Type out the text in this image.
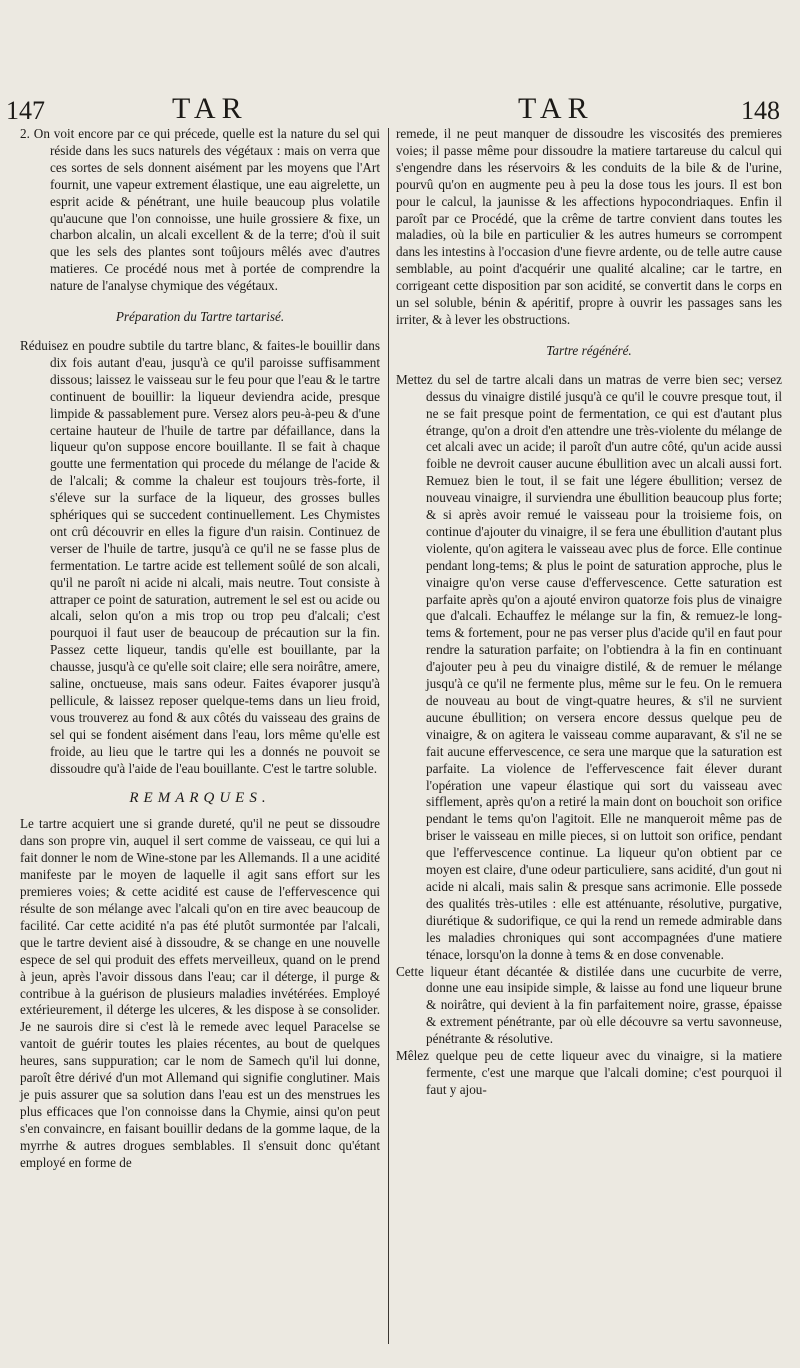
147	TAR	TAR	148

2. On voit encore par ce qui précede, quelle est la nature du sel qui réside dans les sucs naturels des végétaux : mais on verra que ces sortes de sels donnent aisément par les moyens que l'Art fournit, une vapeur extrement élastique, une eau aigrelette, un esprit acide & pénétrant, une huile beaucoup plus volatile qu'aucune que l'on connoisse, une huile grossiere & fixe, un charbon alcalin, un alcali excellent & de la terre; d'où il suit que les sels des plantes sont toûjours mêlés avec d'autres matieres. Ce procédé nous met à portée de comprendre la nature de l'analyse chymique des végétaux.

Préparation du Tartre tartarisé.

Réduisez en poudre subtile du tartre blanc, & faites-le bouillir dans dix fois autant d'eau, jusqu'à ce qu'il paroisse suffisamment dissous; laissez le vaisseau sur le feu pour que l'eau & le tartre continuent de bouillir: la liqueur deviendra acide, presque limpide & passablement pure. Versez alors peu-à-peu & d'une certaine hauteur de l'huile de tartre par défaillance, dans la liqueur qu'on suppose encore bouillante. Il se fait à chaque goutte une fermentation qui procede du mélange de l'acide & de l'alcali; & comme la chaleur est toujours très-forte, il s'éleve sur la surface de la liqueur, des grosses bulles sphériques qui se succedent continuellement. Les Chymistes ont crû découvrir en elles la figure d'un raisin. Continuez de verser de l'huile de tartre, jusqu'à ce qu'il ne se fasse plus de fermentation. Le tartre acide est tellement soûlé de son alcali, qu'il ne paroît ni acide ni alcali, mais neutre. Tout consiste à attraper ce point de saturation, autrement le sel est ou acide ou alcali, selon qu'on a mis trop ou trop peu d'alcali; c'est pourquoi il faut user de beaucoup de précaution sur la fin. Passez cette liqueur, tandis qu'elle est bouillante, par la chausse, jusqu'à ce qu'elle soit claire; elle sera noirâtre, amere, saline, onctueuse, mais sans odeur. Faites évaporer jusqu'à pellicule, & laissez reposer quelque-tems dans un lieu froid, vous trouverez au fond & aux côtés du vaisseau des grains de sel qui se fondent aisément dans l'eau, lors même qu'elle est froide, au lieu que le tartre qui les a donnés ne pouvoit se dissoudre qu'à l'aide de l'eau bouillante. C'est le tartre soluble.

REMARQUES.

Le tartre acquiert une si grande dureté, qu'il ne peut se dissoudre dans son propre vin, auquel il sert comme de vaisseau, ce qui lui a fait donner le nom de Wine-stone par les Allemands. Il a une acidité manifeste par le moyen de laquelle il agit sans effort sur les premieres voies; & cette acidité est cause de l'effervescence qui résulte de son mélange avec l'alcali qu'on en tire avec beaucoup de facilité. Car cette acidité n'a pas été plutôt surmontée par l'alcali, que le tartre devient aisé à dissoudre, & se change en une nouvelle espece de sel qui produit des effets merveilleux, quand on le prend à jeun, après l'avoir dissous dans l'eau; car il déterge, il purge & contribue à la guérison de plusieurs maladies invétérées. Employé extérieurement, il déterge les ulceres, & les dispose à se consolider. Je ne saurois dire si c'est là le remede avec lequel Paracelse se vantoit de guérir toutes les plaies récentes, au bout de quelques heures, sans suppuration; car le nom de Samech qu'il lui donne, paroît être dérivé d'un mot Allemand qui signifie conglutiner. Mais je puis assurer que sa solution dans l'eau est un des menstrues les plus efficaces que l'on connoisse dans la Chymie, ainsi qu'on peut s'en convaincre, en faisant bouillir dedans de la gomme laque, de la myrrhe & autres drogues semblables. Il s'ensuit donc qu'étant employé en forme de

remede, il ne peut manquer de dissoudre les viscosités des premieres voies; il passe même pour dissoudre la matiere tartareuse du calcul qui s'engendre dans les réservoirs & les conduits de la bile & de l'urine, pourvû qu'on en augmente peu à peu la dose tous les jours. Il est bon pour le calcul, la jaunisse & les affections hypocondriaques. Enfin il paroît par ce Procédé, que la crême de tartre convient dans toutes les maladies, où la bile en particulier & les autres humeurs se corrompent dans les intestins à l'occasion d'une fievre ardente, ou de telle autre cause semblable, au point d'acquérir une qualité alcaline; car le tartre, en corrigeant cette disposition par son acidité, se convertit dans le corps en un sel soluble, bénin & apéritif, propre à ouvrir les passages sans les irriter, & à lever les obstructions.

Tartre régénéré.

Mettez du sel de tartre alcali dans un matras de verre bien sec; versez dessus du vinaigre distilé jusqu'à ce qu'il le couvre presque tout, il ne se fait presque point de fermentation, ce qui est d'autant plus étrange, qu'on a droit d'en attendre une très-violente du mélange de cet alcali avec un acide; il paroît d'un autre côté, qu'un acide aussi foible ne devroit causer aucune ébullition avec un alcali aussi fort. Remuez bien le tout, il se fait une légere ébullition; versez de nouveau vinaigre, il surviendra une ébullition beaucoup plus forte; & si après avoir remué le vaisseau pour la troisieme fois, on continue d'ajouter du vinaigre, il se fera une ébullition d'autant plus violente, qu'on agitera le vaisseau avec plus de force. Elle continue pendant long-tems; & plus le point de saturation approche, plus le vinaigre qu'on verse cause d'effervescence. Cette saturation est parfaite après qu'on a ajouté environ quatorze fois plus de vinaigre que d'alcali. Echauffez le mélange sur la fin, & remuez-le long-tems & fortement, pour ne pas verser plus d'acide qu'il en faut pour rendre la saturation parfaite; on l'obtiendra à la fin en continuant d'ajouter peu à peu du vinaigre distilé, & de remuer le mélange jusqu'à ce qu'il ne fermente plus, même sur le feu. On le remuera de nouveau au bout de vingt-quatre heures, & s'il ne survient aucune ébullition; on versera encore dessus quelque peu de vinaigre, & on agitera le vaisseau comme auparavant, & s'il ne se fait aucune effervescence, ce sera une marque que la saturation est parfaite. La violence de l'effervescence fait élever durant l'opération une vapeur élastique qui sort du vaisseau avec sifflement, après qu'on a retiré la main dont on bouchoit son orifice pendant le tems qu'on l'agitoit. Elle ne manqueroit même pas de briser le vaisseau en mille pieces, si on luttoit son orifice, pendant que l'effervescence continue. La liqueur qu'on obtient par ce moyen est claire, d'une odeur particuliere, sans acidité, d'un gout ni acide ni alcali, mais salin & presque sans acrimonie. Elle possede des qualités très-utiles : elle est atténuante, résolutive, purgative, diurétique & sudorifique, ce qui la rend un remede admirable dans les maladies chroniques qui sont accompagnées d'une matiere ténace, lorsqu'on la donne à tems & en dose convenable.

Cette liqueur étant décantée & distilée dans une cucurbite de verre, donne une eau insipide simple, & laisse au fond une liqueur brune & noirâtre, qui devient à la fin parfaitement noire, grasse, épaisse & extrement pénétrante, par où elle découvre sa vertu savonneuse, pénétrante & résolutive.

Mêlez quelque peu de cette liqueur avec du vinaigre, si la matiere fermente, c'est une marque que l'alcali domine; c'est pourquoi il faut y ajou-
